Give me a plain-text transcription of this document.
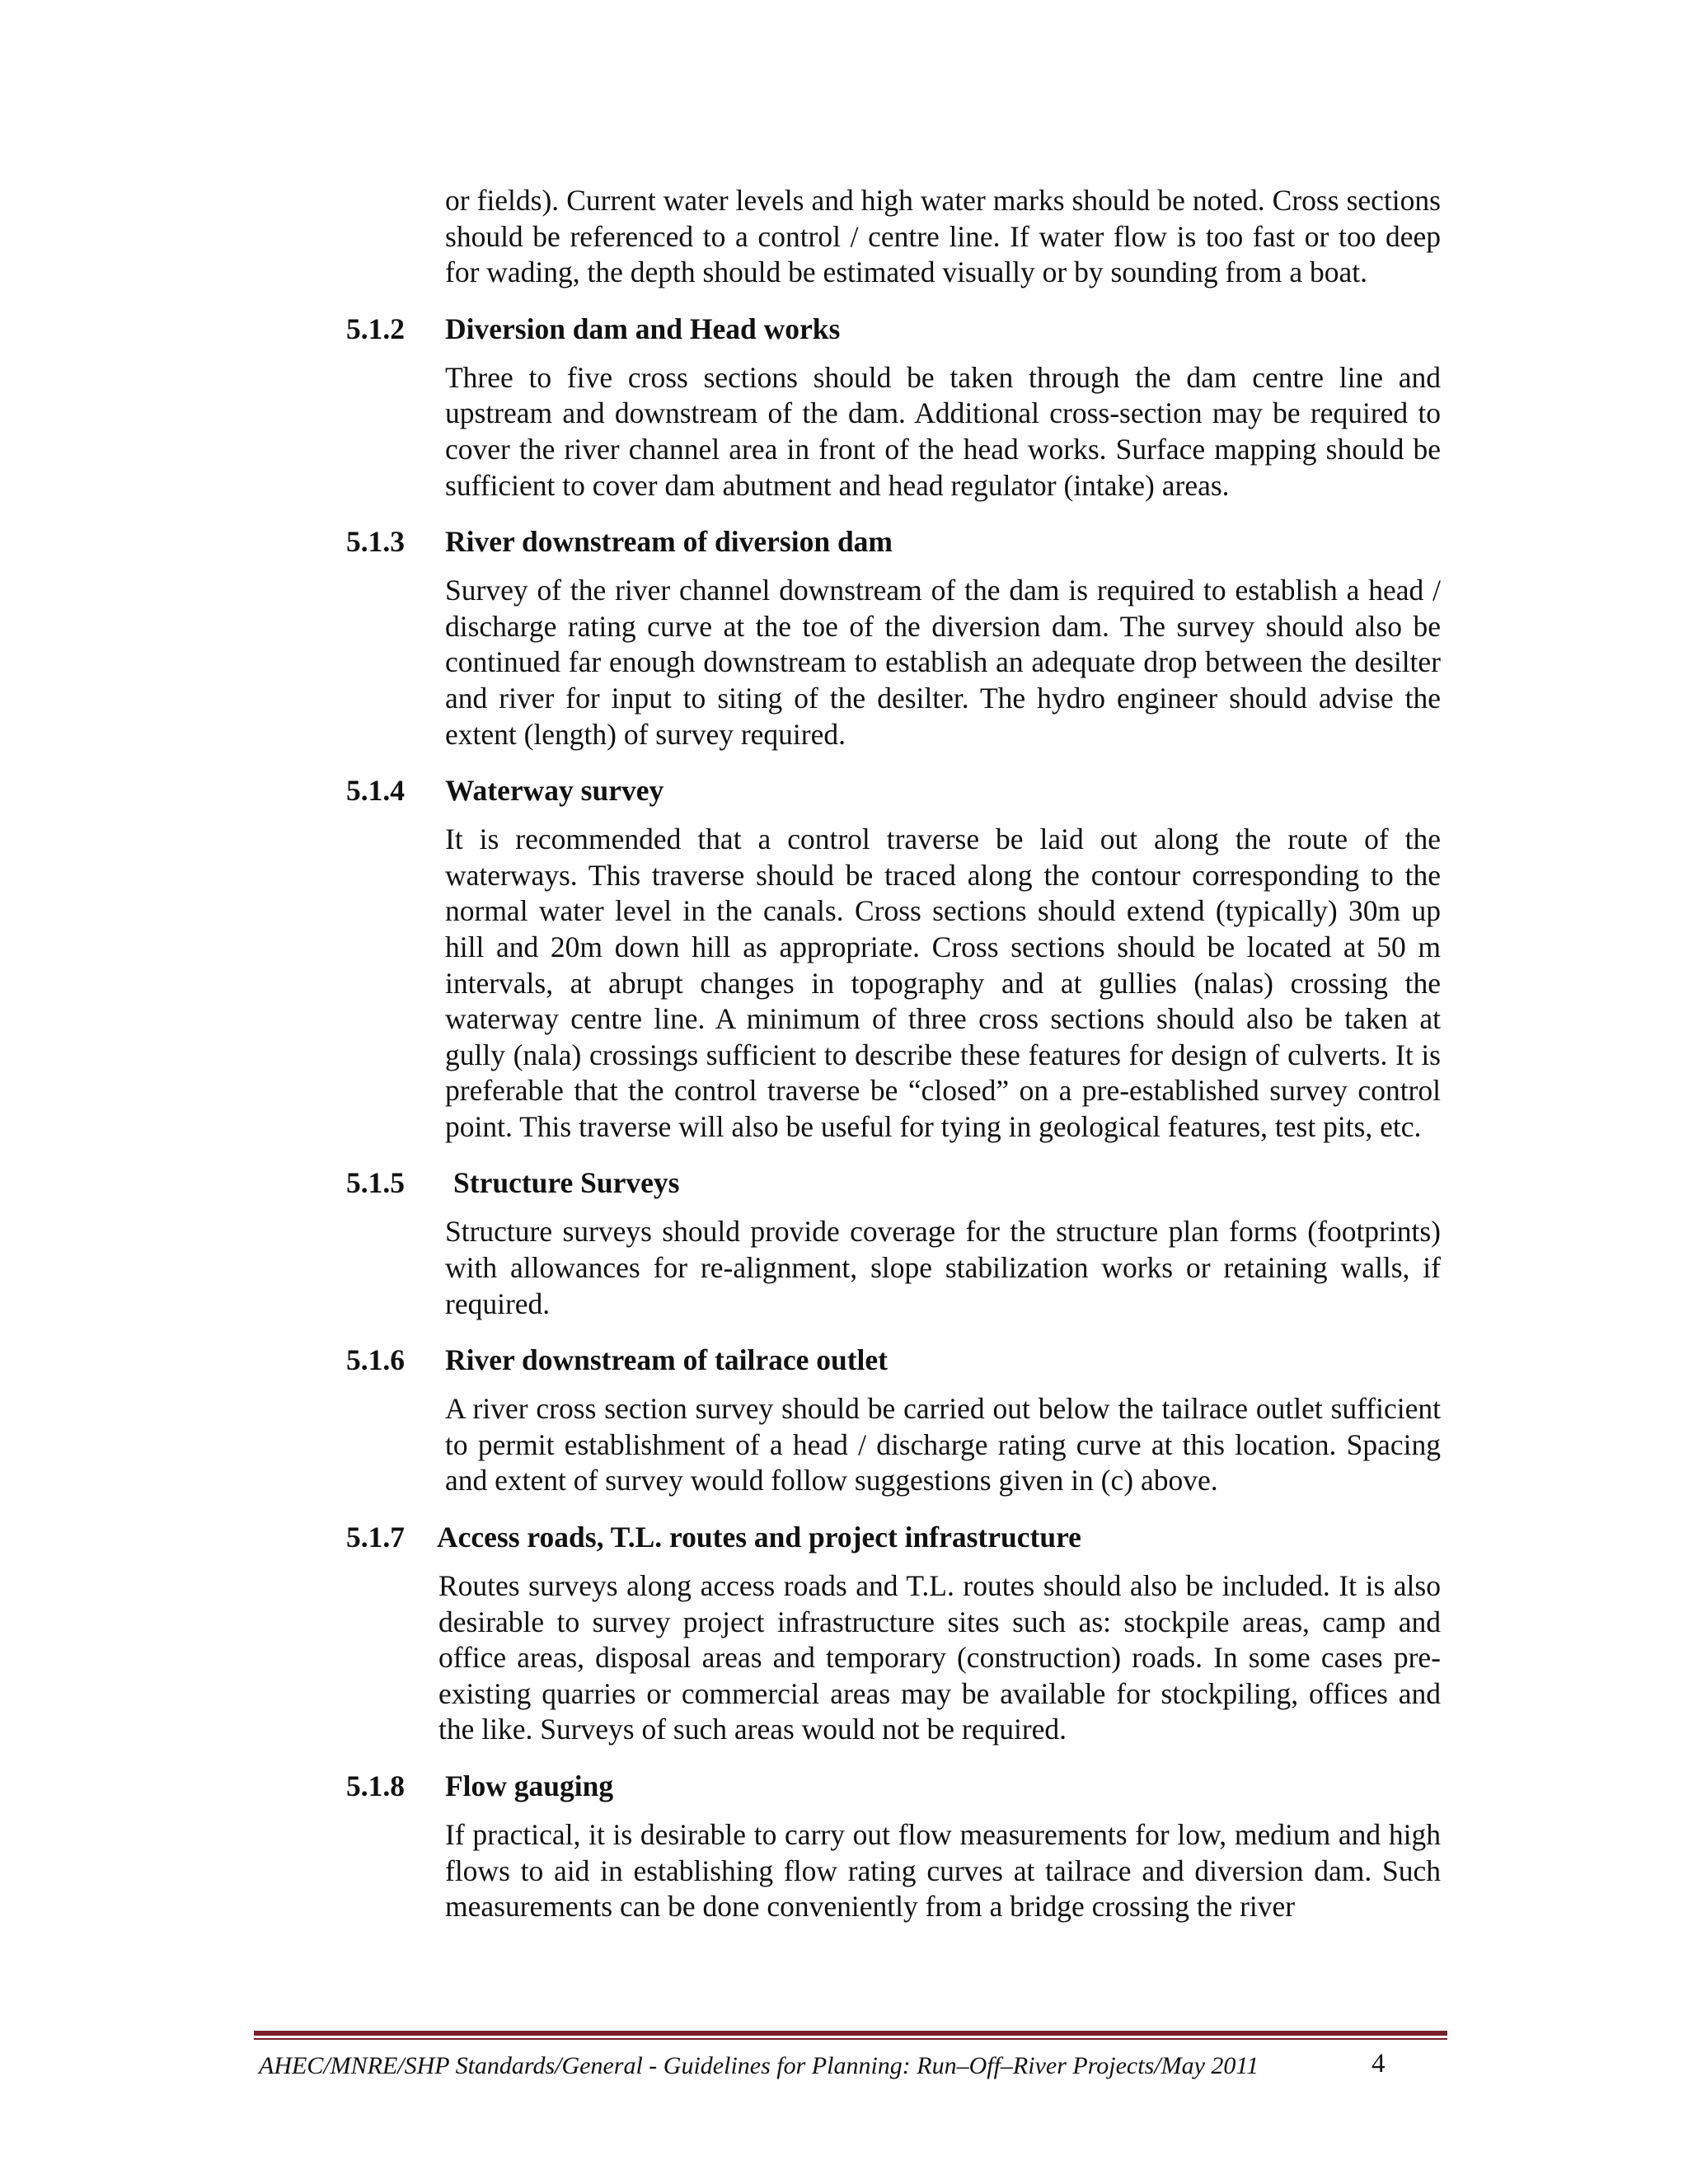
or fields). Current water levels and high water marks should be noted. Cross sections should be referenced to a control / centre line. If water flow is too fast or too deep for wading, the depth should be estimated visually or by sounding from a boat.

5.1.2	Diversion dam and Head works

Three to five cross sections should be taken through the dam centre line and upstream and downstream of the dam. Additional cross-section may be required to cover the river channel area in front of the head works. Surface mapping should be sufficient to cover dam abutment and head regulator (intake) areas.

5.1.3	River downstream of diversion dam

Survey of the river channel downstream of the dam is required to establish a head / discharge rating curve at the toe of the diversion dam. The survey should also be continued far enough downstream to establish an adequate drop between the desilter and river for input to siting of the desilter. The hydro engineer should advise the extent (length) of survey required.

5.1.4	Waterway survey

It is recommended that a control traverse be laid out along the route of the waterways. This traverse should be traced along the contour corresponding to the normal water level in the canals. Cross sections should extend (typically) 30m up hill and 20m down hill as appropriate. Cross sections should be located at 50 m intervals, at abrupt changes in topography and at gullies (nalas) crossing the waterway centre line. A minimum of three cross sections should also be taken at gully (nala) crossings sufficient to describe these features for design of culverts. It is preferable that the control traverse be “closed” on a pre-established survey control point. This traverse will also be useful for tying in geological features, test pits, etc.

5.1.5	Structure Surveys

Structure surveys should provide coverage for the structure plan forms (footprints) with allowances for re-alignment, slope stabilization works or retaining walls, if required.

5.1.6	River downstream of tailrace outlet

A river cross section survey should be carried out below the tailrace outlet sufficient to permit establishment of a head / discharge rating curve at this location. Spacing and extent of survey would follow suggestions given in (c) above.

5.1.7	Access roads, T.L. routes and project infrastructure

Routes surveys along access roads and T.L. routes should also be included. It is also desirable to survey project infrastructure sites such as: stockpile areas, camp and office areas, disposal areas and temporary (construction) roads. In some cases pre-existing quarries or commercial areas may be available for stockpiling, offices and the like. Surveys of such areas would not be required.

5.1.8	Flow gauging

If practical, it is desirable to carry out flow measurements for low, medium and high flows to aid in establishing flow rating curves at tailrace and diversion dam. Such measurements can be done conveniently from a bridge crossing the river

AHEC/MNRE/SHP Standards/General - Guidelines for Planning: Run–Off–River Projects/May 2011	4
